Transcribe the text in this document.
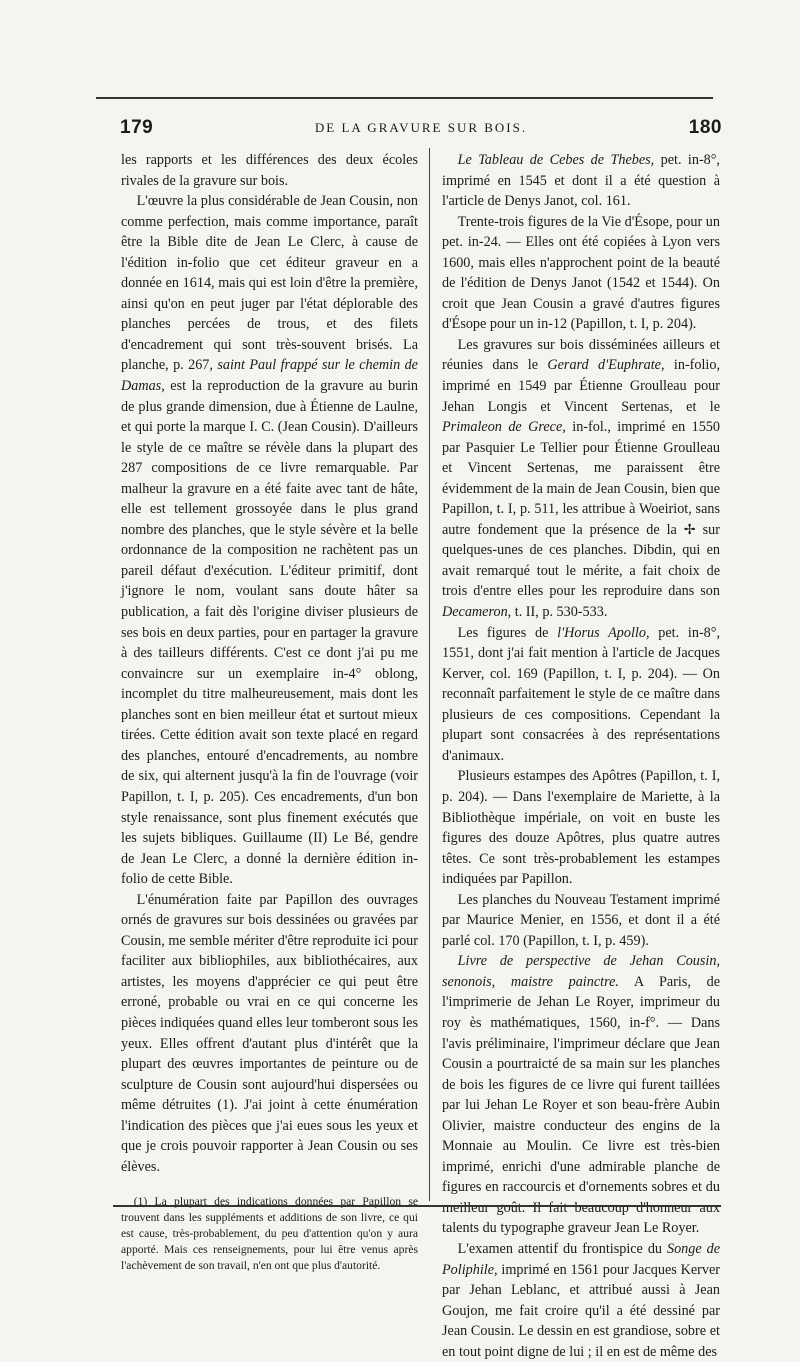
179	DE LA GRAVURE SUR BOIS.	180

les rapports et les différences des deux écoles rivales de la gravure sur bois.

L'œuvre la plus considérable de Jean Cousin, non comme perfection, mais comme importance, paraît être la Bible dite de Jean Le Clerc, à cause de l'édition in-folio que cet éditeur graveur en a donnée en 1614, mais qui est loin d'être la première, ainsi qu'on en peut juger par l'état déplorable des planches percées de trous, et des filets d'encadrement qui sont très-souvent brisés. La planche, p. 267, saint Paul frappé sur le chemin de Damas, est la reproduction de la gravure au burin de plus grande dimension, due à Étienne de Laulne, et qui porte la marque I. C. (Jean Cousin). D'ailleurs le style de ce maître se révèle dans la plupart des 287 compositions de ce livre remarquable. Par malheur la gravure en a été faite avec tant de hâte, elle est tellement grossoyée dans le plus grand nombre des planches, que le style sévère et la belle ordonnance de la composition ne rachètent pas un pareil défaut d'exécution. L'éditeur primitif, dont j'ignore le nom, voulant sans doute hâter sa publication, a fait dès l'origine diviser plusieurs de ses bois en deux parties, pour en partager la gravure à des tailleurs différents. C'est ce dont j'ai pu me convaincre sur un exemplaire in-4° oblong, incomplet du titre malheureusement, mais dont les planches sont en bien meilleur état et surtout mieux tirées. Cette édition avait son texte placé en regard des planches, entouré d'encadrements, au nombre de six, qui alternent jusqu'à la fin de l'ouvrage (voir Papillon, t. I, p. 205). Ces encadrements, d'un bon style renaissance, sont plus finement exécutés que les sujets bibliques. Guillaume (II) Le Bé, gendre de Jean Le Clerc, a donné la dernière édition in-folio de cette Bible.

L'énumération faite par Papillon des ouvrages ornés de gravures sur bois dessinées ou gravées par Cousin, me semble mériter d'être reproduite ici pour faciliter aux bibliophiles, aux bibliothécaires, aux artistes, les moyens d'apprécier ce qui peut être erroné, probable ou vrai en ce qui concerne les pièces indiquées quand elles leur tomberont sous les yeux. Elles offrent d'autant plus d'intérêt que la plupart des œuvres importantes de peinture ou de sculpture de Cousin sont aujourd'hui dispersées ou même détruites (1). J'ai joint à cette énumération l'indication des pièces que j'ai eues sous les yeux et que je crois pouvoir rapporter à Jean Cousin ou ses élèves.

(1) La plupart des indications données par Papillon se trouvent dans les suppléments et additions de son livre, ce qui est cause, très-probablement, du peu d'attention qu'on y aura apporté. Mais ces renseignements, pour lui être venus après l'achèvement de son travail, n'en ont que plus d'autorité.

Le Tableau de Cebes de Thebes, pet. in-8°, imprimé en 1545 et dont il a été question à l'article de Denys Janot, col. 161.

Trente-trois figures de la Vie d'Ésope, pour un pet. in-24. — Elles ont été copiées à Lyon vers 1600, mais elles n'approchent point de la beauté de l'édition de Denys Janot (1542 et 1544). On croit que Jean Cousin a gravé d'autres figures d'Ésope pour un in-12 (Papillon, t. I, p. 204).

Les gravures sur bois disséminées ailleurs et réunies dans le Gerard d'Euphrate, in-folio, imprimé en 1549 par Étienne Groulleau pour Jehan Longis et Vincent Sertenas, et le Primaleon de Grece, in-fol., imprimé en 1550 par Pasquier Le Tellier pour Étienne Groulleau et Vincent Sertenas, me paraissent être évidemment de la main de Jean Cousin, bien que Papillon, t. I, p. 511, les attribue à Woeiriot, sans autre fondement que la présence de la ✢ sur quelques-unes de ces planches. Dibdin, qui en avait remarqué tout le mérite, a fait choix de trois d'entre elles pour les reproduire dans son Decameron, t. II, p. 530-533.

Les figures de l'Horus Apollo, pet. in-8°, 1551, dont j'ai fait mention à l'article de Jacques Kerver, col. 169 (Papillon, t. I, p. 204). — On reconnaît parfaitement le style de ce maître dans plusieurs de ces compositions. Cependant la plupart sont consacrées à des représentations d'animaux.

Plusieurs estampes des Apôtres (Papillon, t. I, p. 204). — Dans l'exemplaire de Mariette, à la Bibliothèque impériale, on voit en buste les figures des douze Apôtres, plus quatre autres têtes. Ce sont très-probablement les estampes indiquées par Papillon.

Les planches du Nouveau Testament imprimé par Maurice Menier, en 1556, et dont il a été parlé col. 170 (Papillon, t. I, p. 459).

Livre de perspective de Jehan Cousin, senonois, maistre painctre. A Paris, de l'imprimerie de Jehan Le Royer, imprimeur du roy ès mathématiques, 1560, in-f°. — Dans l'avis préliminaire, l'imprimeur déclare que Jean Cousin a pourtraicté de sa main sur les planches de bois les figures de ce livre qui furent taillées par lui Jehan Le Royer et son beau-frère Aubin Olivier, maistre conducteur des engins de la Monnaie au Moulin. Ce livre est très-bien imprimé, enrichi d'une admirable planche de figures en raccourcis et d'ornements sobres et du meilleur goût. Il fait beaucoup d'honneur aux talents du typographe graveur Jean Le Royer.

L'examen attentif du frontispice du Songe de Poliphile, imprimé en 1561 pour Jacques Kerver par Jehan Leblanc, et attribué aussi à Jean Goujon, me fait croire qu'il a été dessiné par Jean Cousin. Le dessin en est grandiose, sobre et en tout point digne de lui ; il en est de même des
